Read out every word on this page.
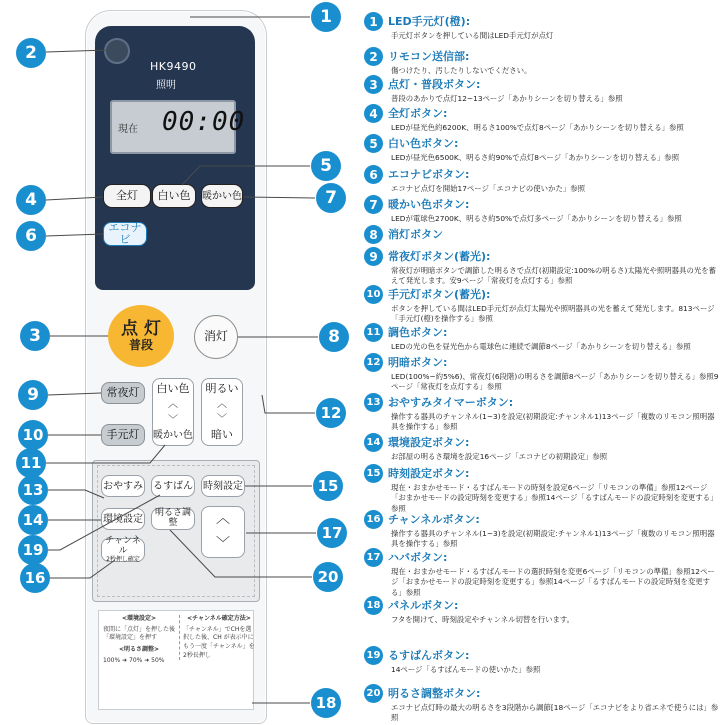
HK9490
照明
現在 00:00
全灯	白い色	暖かい色
エコナビ
点 灯
普段
消灯
常夜灯
手元灯
白い色
︿
﹀
暖かい色
明るい
︿
﹀
暗い
おやすみ るすばん 時刻設定
環境設定
明るさ調整
チャンネル
2秒押し確定
︿
﹀
<環境設定>
夜間に「点灯」を押した後「環境設定」を押す
<明るさ調整>
100% ➜ 70% ➜ 50%
<チャンネル確定方法>
「チャンネル」でCHを選択した後、CH が表示中にもう一度「チャンネル」を2秒長押し
1
2
3
4
5
6
7
8
9
10
11
12
13
14
15
16
17
18
19
20
1 LED手元灯(橙):
手元灯ボタンを押している間はLED手元灯が点灯
2 リモコン送信部:
傷つけたり、汚したりしないでください。
3 点灯・普段ボタン:
普段のあかりで点灯12~13ページ「あかりシーンを切り替える」参照
4 全灯ボタン:
LEDが昼光色約6200K、明るさ100%で点灯8ページ「あかりシーンを切り替える」参照
5 白い色ボタン:
LEDが昼光色6500K、明るさ約90%で点灯8ページ「あかりシーンを切り替える」参照
6 エコナビボタン:
エコナビ点灯を開始17ページ「エコナビの使いかた」参照
7 暖かい色ボタン:
LEDが電球色2700K、明るさ約50%で点灯多ページ「あかりシーンを切り替える」参照
8 消灯ボタン
9 常夜灯ボタン(蓄光):
常夜灯が明暗ボタンで調節した明るさで点灯(初期設定:100%の明るさ)太陽光や照明器具の光を蓄えて発光します。安9ページ「常夜灯を点灯する」参照
10 手元灯ボタン(蓄光):
ボタンを押している間はLED手元灯が点灯太陽光や照明器具の光を蓄えて発光します。813ページ「手元灯(橙)を操作する」参照
11 調色ボタン:
LEDの光の色を昼光色から電球色に連続で調節8ページ「あかりシーンを切り替える」参照
12 明暗ボタン:
LED(100%~約5%6)、常夜灯(6段階)の明るさを調節8ページ「あかりシーンを切り替える」参照9ページ「常夜灯を点灯する」参照
13 おやすみタイマーボタン:
操作する器具のチャンネル(1~3)を設定(初期設定:チャンネル1)13ページ「複数のリモコン照明器具を操作する」参照
14 環境設定ボタン:
お部屋の明るさ環境を設定16ページ「エコナビの初期設定」参照
15 時刻設定ボタン:
現在・おまかせモード・るすばんモードの時刻を設定6ページ「リモコンの準備」参照12ページ「おまかせモードの設定時刻を変更する」参照14ページ「るすばんモードの設定時刻を変更する」参照
16 チャンネルボタン:
操作する器具のチャンネル(1~3)を設定(初期設定:チャンネル1)13ページ「複数のリモコン照明器具を操作する」参照
17 ハバボタン:
現在・おまかせモード・るすばんモードの選択時刻を変更6ページ「リモコンの準備」参照12ページ「おまかせモードの設定時刻を変更する」参照14ページ「るすばんモードの設定時刻を変更する」参照
18 パネルボタン:
フタを開けて、時刻設定やチャンネル切替を行います。
19 るすばんボタン:
14ページ「るすばんモードの使いかた」参照
20 明るさ調整ボタン:
エコナビ点灯時の最大の明るさを3段階から調節[18ページ「エコナビをより省エネで使うには」参照
